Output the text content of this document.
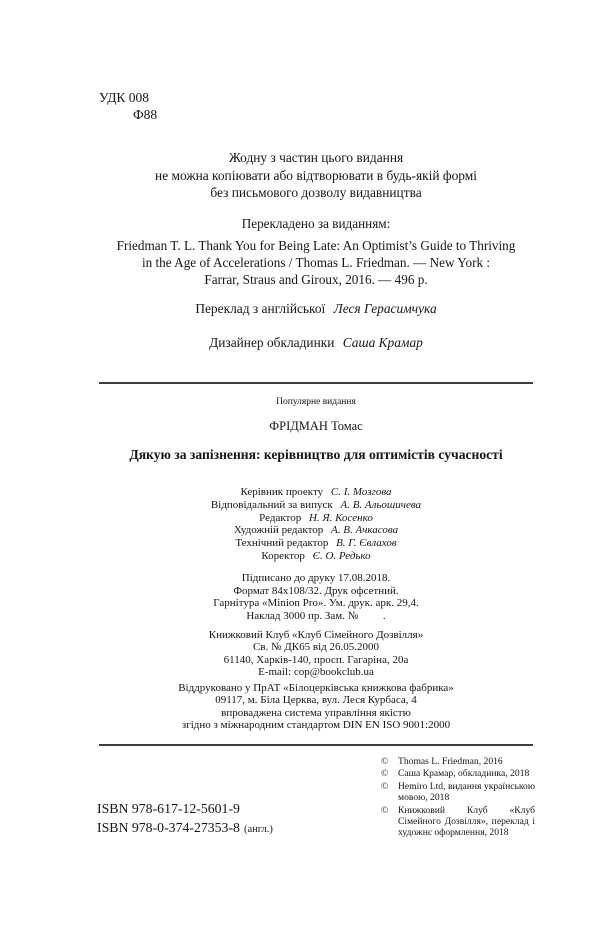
УДК 008
Ф88
Жодну з частин цього видання
не можна копіювати або відтворювати в будь-якій формі
без письмового дозволу видавництва
Перекладено за виданням:
Friedman T. L. Thank You for Being Late: An Optimist’s Guide to Thriving
in the Age of Accelerations / Thomas L. Friedman. — New York :
Farrar, Straus and Giroux, 2016. — 496 p.
Переклад з англійської Леся Герасимчука
Дизайнер обкладинки Саша Крамар
Популярне видання
ФРІДМАН Томас
Дякую за запізнення: керівництво для оптимістів сучасності
Керівник проекту С. І. Мозгова
Відповідальний за випуск А. В. Альошичева
Редактор Н. Я. Косенко
Художній редактор А. В. Ачкасова
Технічний редактор В. Г. Євлахов
Коректор Є. О. Редько
Підписано до друку 17.08.2018.
Формат 84x108/32. Друк офсетний.
Гарнітура «Minion Pro». Ум. друк. арк. 29,4.
Наклад 3000 пр. Зам. №         .
Книжковий Клуб «Клуб Сімейного Дозвілля»
Св. № ДК65 від 26.05.2000
61140, Харків-140, просп. Гагаріна, 20а
E-mail: cop@bookclub.ua
Віддруковано у ПрАТ «Білоцерківська книжкова фабрика»
09117, м. Біла Церква, вул. Леся Курбаса, 4
впроваджена система управління якістю
згідно з міжнародним стандартом DIN EN ISO 9001:2000
©	Thomas L. Friedman, 2016
©	Саша Крамар, обкладинка, 2018
©	Hemiro Ltd, видання українською мовою, 2018
©	Книжковий Клуб «Клуб Сімейного Дозвілля», переклад і художнє оформлення, 2018
ISBN 978-617-12-5601-9
ISBN 978-0-374-27353-8 (англ.)
